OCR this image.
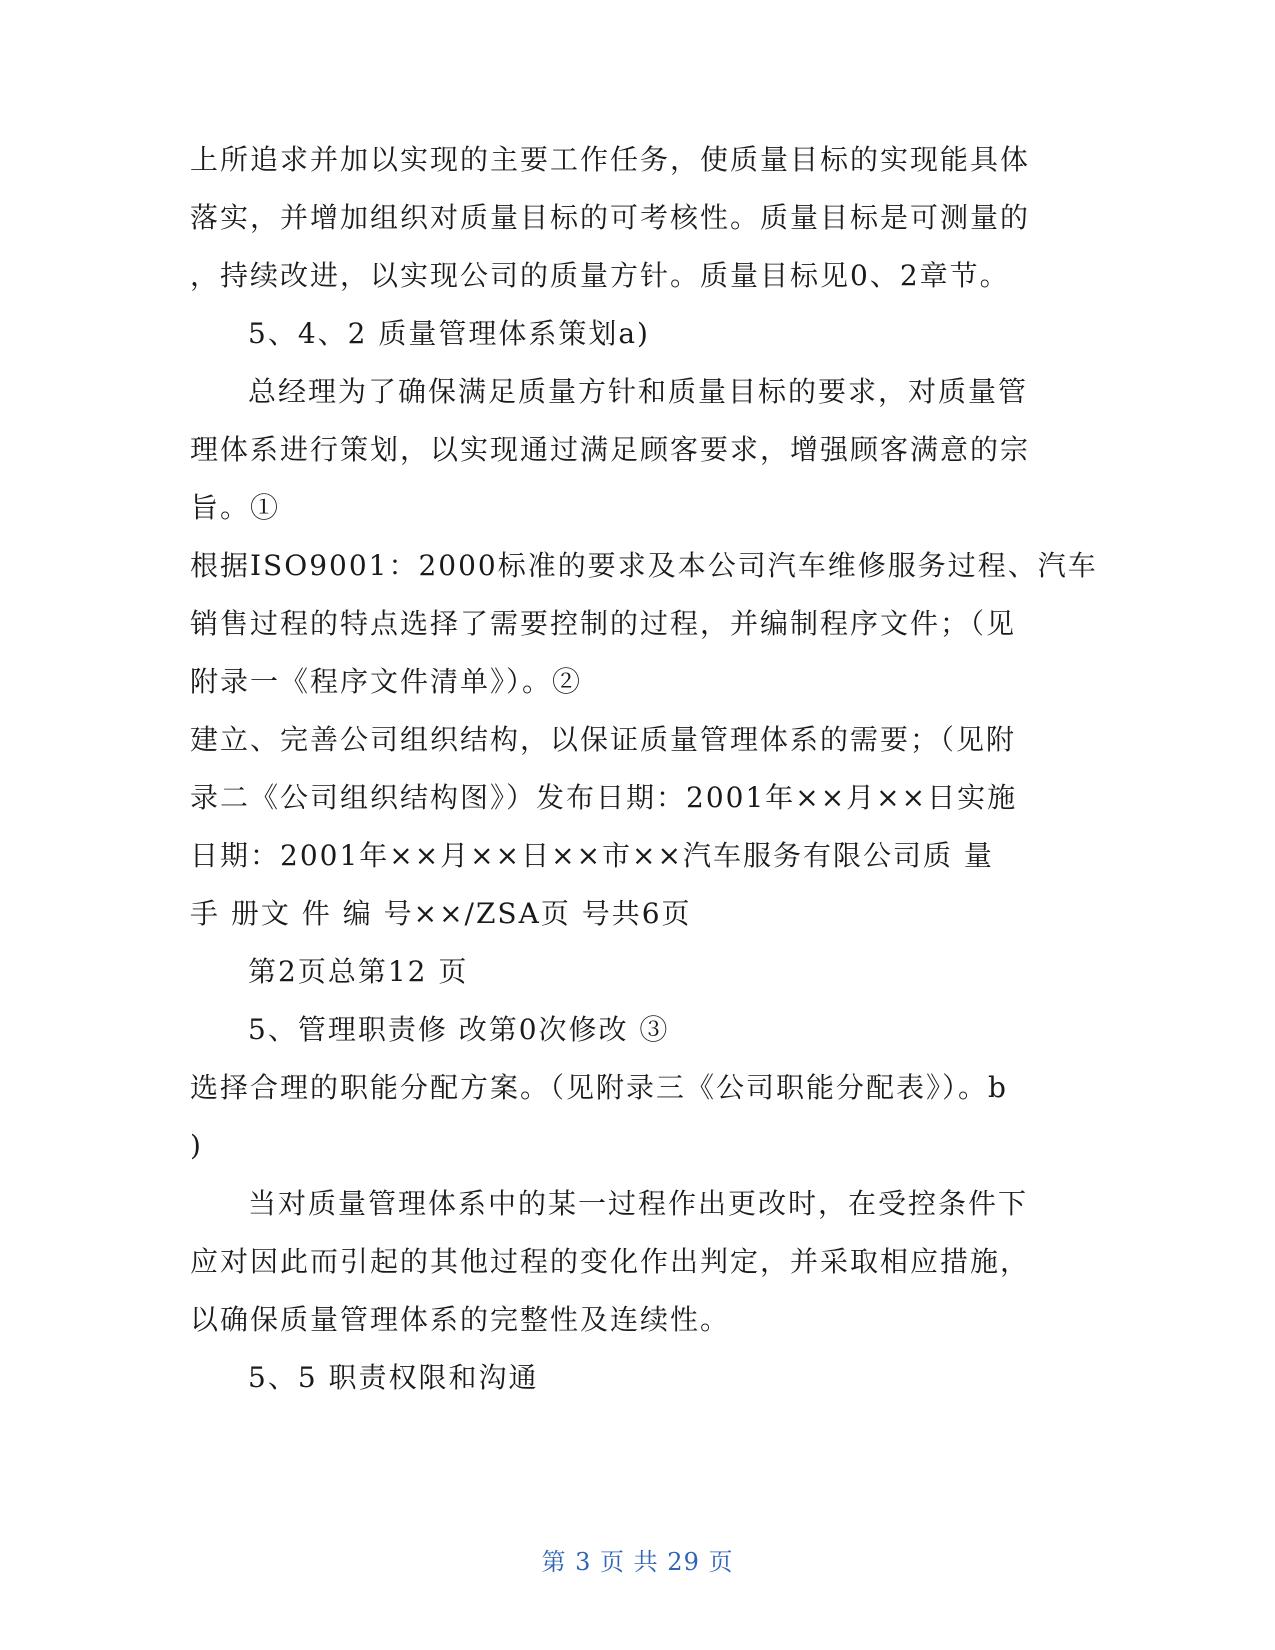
上所追求并加以实现的主要工作任务，使质量目标的实现能具体
落实，并增加组织对质量目标的可考核性。质量目标是可测量的
，持续改进，以实现公司的质量方针。质量目标见0、2章节。
5、4、2 质量管理体系策划a)
总经理为了确保满足质量方针和质量目标的要求，对质量管
理体系进行策划，以实现通过满足顾客要求，增强顾客满意的宗
旨。①
根据ISO9001：2000标准的要求及本公司汽车维修服务过程、汽车
销售过程的特点选择了需要控制的过程，并编制程序文件；（见
附录一《程序文件清单》）。②
建立、完善公司组织结构，以保证质量管理体系的需要；（见附
录二《公司组织结构图》）发布日期：2001年××月××日实施
日期：2001年××月××日××市××汽车服务有限公司质 量
手 册文 件 编 号××/ZSA页 号共6页
第2页总第12 页
5、管理职责修 改第0次修改 ③
选择合理的职能分配方案。（见附录三《公司职能分配表》）。b
)
当对质量管理体系中的某一过程作出更改时，在受控条件下
应对因此而引起的其他过程的变化作出判定，并采取相应措施，
以确保质量管理体系的完整性及连续性。
5、5 职责权限和沟通
第 3 页 共 29 页
